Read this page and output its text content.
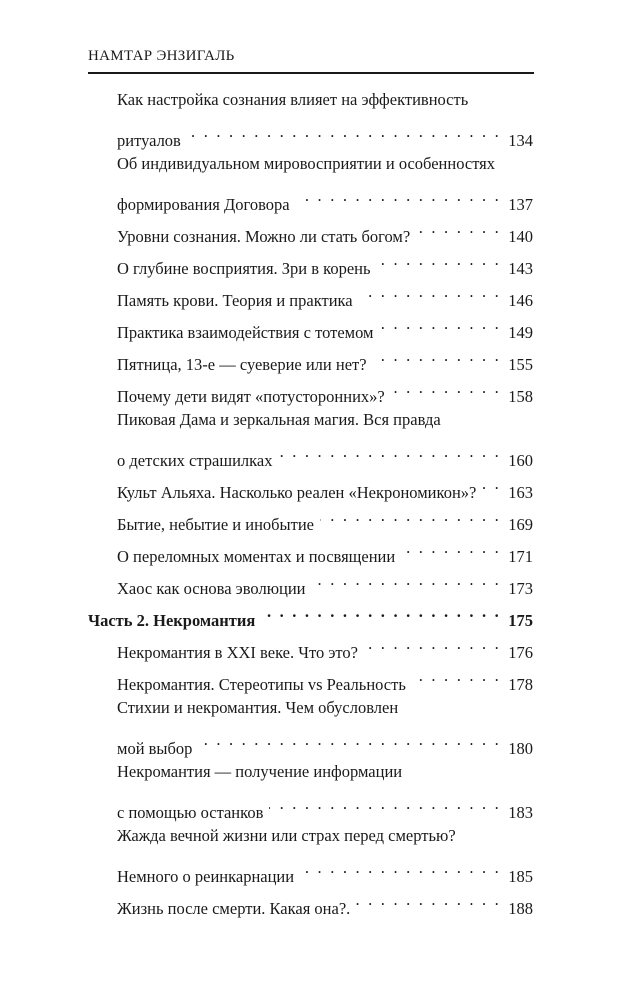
НАМТАР ЭНЗИГАЛЬ
Как настройка сознания влияет на эффективность
ритуалов . . .	134
Об индивидуальном мировосприятии и особенностях
формирования Договора . . .	137
Уровни сознания. Можно ли стать богом? . . .	140
О глубине восприятия. Зри в корень . . .	143
Память крови. Теория и практика . . .	146
Практика взаимодействия с тотемом . . .	149
Пятница, 13-е — суеверие или нет? . . .	155
Почему дети видят «потусторонних»? . . .	158
Пиковая Дама и зеркальная магия. Вся правда
о детских страшилках . . .	160
Культ Альяха. Насколько реален «Некрономикон»? . . . 163
Бытие, небытие и инобытие . . .	169
О переломных моментах и посвящении . . .	171
Хаос как основа эволюции . . .	173
Часть 2. Некромантия . . .	175
Некромантия в XXI веке. Что это? . . .	176
Некромантия. Стереотипы vs Реальность . . .	178
Стихии и некромантия. Чем обусловлен
мой выбор . . .	180
Некромантия — получение информации
с помощью останков . . .	183
Жажда вечной жизни или страх перед смертью?
Немного о реинкарнации . . .	185
Жизнь после смерти. Какая она?. . . .	188
